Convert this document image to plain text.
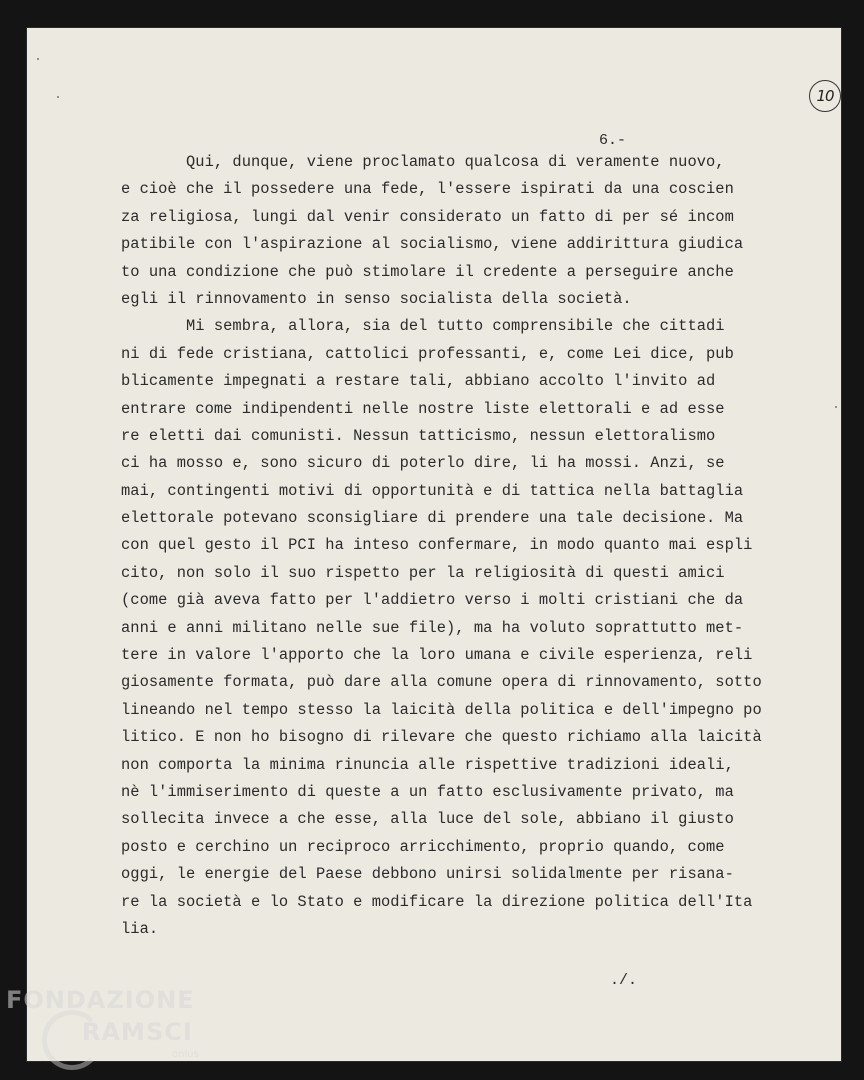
10
6.-
Qui, dunque, viene proclamato qualcosa di veramente nuovo,
e cioè che il possedere una fede, l'essere ispirati da una coscien
za religiosa, lungi dal venir considerato un fatto di per sé incom
patibile con l'aspirazione al socialismo, viene addirittura giudica
to una condizione che può stimolare il credente a perseguire anche
egli il rinnovamento in senso socialista della società.
Mi sembra, allora, sia del tutto comprensibile che cittadi
ni di fede cristiana, cattolici professanti, e, come Lei dice, pub
blicamente impegnati a restare tali, abbiano accolto l'invito ad
entrare come indipendenti nelle nostre liste elettorali e ad esse
re eletti dai comunisti. Nessun tatticismo, nessun elettoralismo
ci ha mosso e, sono sicuro di poterlo dire, li ha mossi. Anzi, se
mai, contingenti motivi di opportunità e di tattica nella battaglia
elettorale potevano sconsigliare di prendere una tale decisione. Ma
con quel gesto il PCI ha inteso confermare, in modo quanto mai espli
cito, non solo il suo rispetto per la religiosità di questi amici
(come già aveva fatto per l'addietro verso i molti cristiani che da
anni e anni militano nelle sue file), ma ha voluto soprattutto met-
tere in valore l'apporto che la loro umana e civile esperienza, reli
giosamente formata, può dare alla comune opera di rinnovamento, sotto
lineando nel tempo stesso la laicità della politica e dell'impegno po
litico. E non ho bisogno di rilevare che questo richiamo alla laicità
non comporta la minima rinuncia alle rispettive tradizioni ideali,
nè l'immiserimento di queste a un fatto esclusivamente privato, ma
sollecita invece a che esse, alla luce del sole, abbiano il giusto
posto e cerchino un reciproco arricchimento, proprio quando, come
oggi, le energie del Paese debbono unirsi solidalmente per risana-
re la società e lo Stato e modificare la direzione politica dell'Ita
lia.
./.
FONDAZIONE
RAMSCI
onlus
